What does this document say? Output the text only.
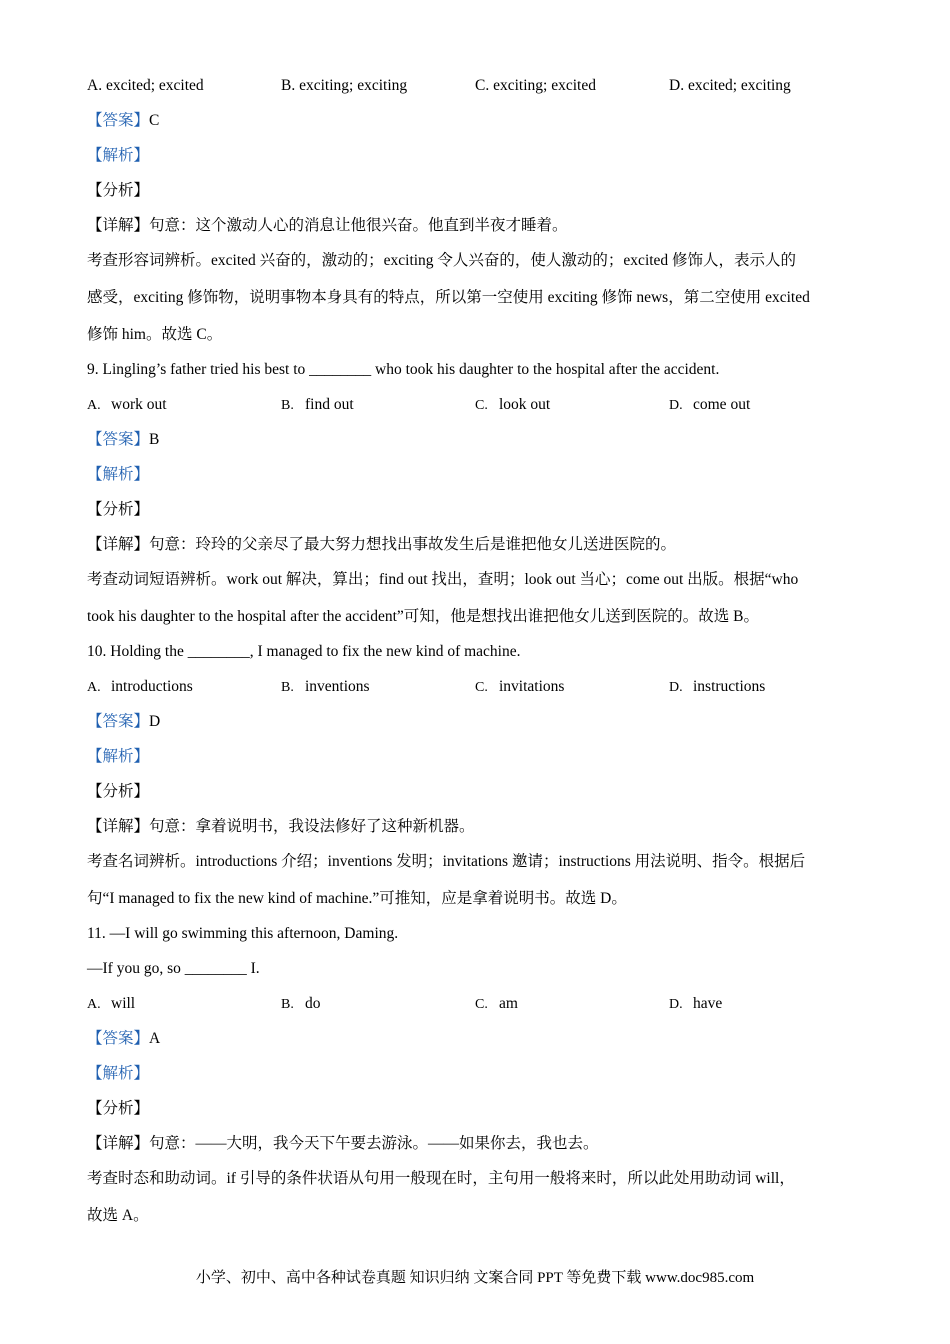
A. excited; excited	B. exciting; exciting	C. exciting; excited	D. excited; exciting
【答案】C
【解析】
【分析】
【详解】句意：这个激动人心的消息让他很兴奋。他直到半夜才睡着。
考查形容词辨析。excited 兴奋的，激动的；exciting 令人兴奋的，使人激动的；excited 修饰人，表示人的
感受，exciting 修饰物，说明事物本身具有的特点，所以第一空使用 exciting 修饰 news，第二空使用 excited
修饰 him。故选 C。
9. Lingling’s father tried his best to ________ who took his daughter to the hospital after the accident.
A. work out	B. find out	C. look out	D. come out
【答案】B
【解析】
【分析】
【详解】句意：玲玲的父亲尽了最大努力想找出事故发生后是谁把他女儿送进医院的。
考查动词短语辨析。work out 解决，算出；find out 找出，查明；look out 当心；come out 出版。根据“who
took his daughter to the hospital after the accident”可知，他是想找出谁把他女儿送到医院的。故选 B。
10. Holding the ________, I managed to fix the new kind of machine.
A. introductions	B. inventions	C. invitations	D. instructions
【答案】D
【解析】
【分析】
【详解】句意：拿着说明书，我设法修好了这种新机器。
考查名词辨析。introductions 介绍；inventions 发明；invitations 邀请；instructions 用法说明、指令。根据后
句“I managed to fix the new kind of machine.”可推知，应是拿着说明书。故选 D。
11. —I will go swimming this afternoon, Daming.
—If you go, so ________ I.
A. will	B. do	C. am	D. have
【答案】A
【解析】
【分析】
【详解】句意：——大明，我今天下午要去游泳。——如果你去，我也去。
考查时态和助动词。if 引导的条件状语从句用一般现在时，主句用一般将来时，所以此处用助动词 will，
故选 A。
小学、初中、高中各种试卷真题 知识归纳 文案合同 PPT 等免费下载 www.doc985.com
